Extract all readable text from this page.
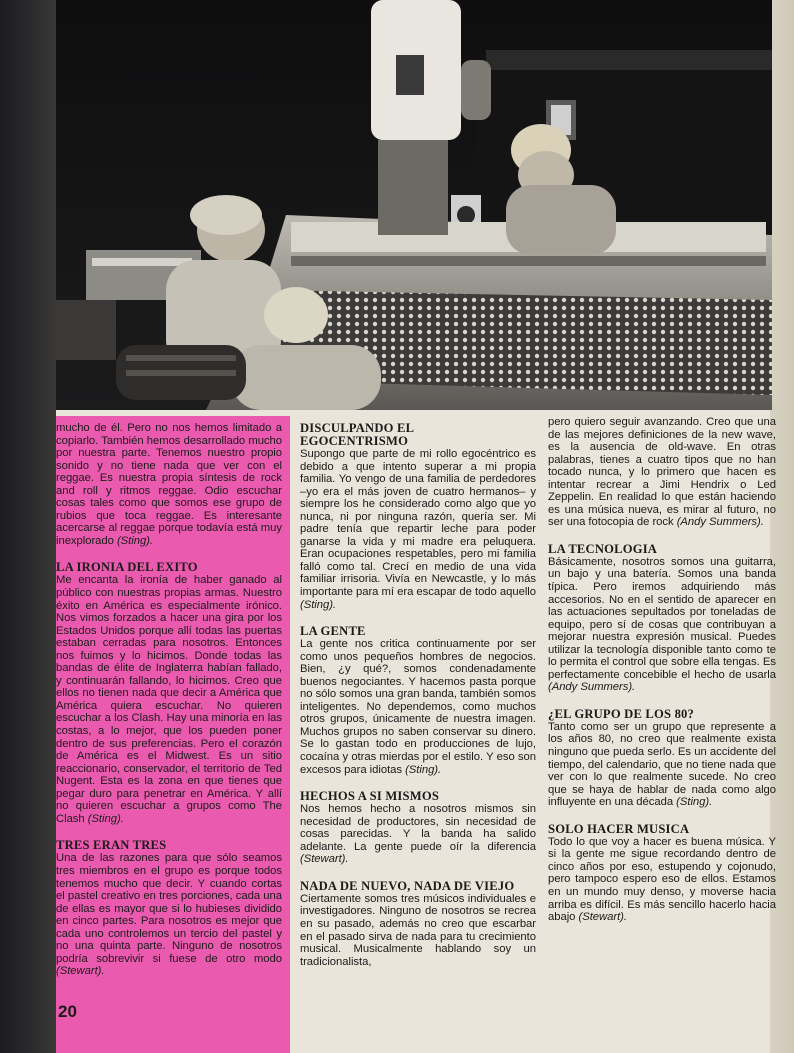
mucho de él. Pero no nos hemos limitado a copiarlo. También hemos desarrollado mucho por nuestra parte. Tenemos nuestro propio sonido y no tiene nada que ver con el reggae. Es nuestra propia síntesis de rock and roll y ritmos reggae. Odio escuchar cosas tales como que somos ese grupo de rubios que toca reggae. Es interesante acercarse al reggae porque todavía está muy inexplorado (Sting).

LA IRONIA DEL EXITO

Me encanta la ironía de haber ganado al público con nuestras propias armas. Nuestro éxito en América es especialmente irónico. Nos vimos forzados a hacer una gira por los Estados Unidos porque allí todas las puertas estaban cerradas para nosotros. Entonces nos fuimos y lo hicimos. Donde todas las bandas de élite de Inglaterra habían fallado, y continuarán fallando, lo hicimos. Creo que ellos no tienen nada que decir a América que América quiera escuchar. No quieren escuchar a los Clash. Hay una minoría en las costas, a lo mejor, que los pueden poner dentro de sus preferencias. Pero el corazón de América es el Midwest. Es un sitio reaccionario, conservador, el territorio de Ted Nugent. Esta es la zona en que tienes que pegar duro para penetrar en América. Y allí no quieren escuchar a grupos como The Clash (Sting).

TRES ERAN TRES

Una de las razones para que sólo seamos tres miembros en el grupo es porque todos tenemos mucho que decir. Y cuando cortas el pastel creativo en tres porciones, cada una de ellas es mayor que si lo hubieses dividido en cinco partes. Para nosotros es mejor que cada uno controlemos un tercio del pastel y no una quinta parte. Ninguno de nosotros podría sobrevivir si fuese de otro modo (Stewart).

DISCULPANDO EL
EGOCENTRISMO

Supongo que parte de mi rollo egocéntrico es debido a que intento superar a mi propia familia. Yo vengo de una familia de perdedores –yo era el más joven de cuatro hermanos– y siempre los he considerado como algo que yo nunca, ni por ninguna razón, quería ser. Mi padre tenía que repartir leche para poder ganarse la vida y mi madre era peluquera. Eran ocupaciones respetables, pero mi familia falló como tal. Crecí en medio de una vida familiar irrisoria. Vivía en Newcastle, y lo más importante para mí era escapar de todo aquello (Sting).

LA GENTE

La gente nos critica continuamente por ser como unos pequeños hombres de negocios. Bien, ¿y qué?, somos condenadamente buenos negociantes. Y hacemos pasta porque no sólo somos una gran banda, también somos inteligentes. No dependemos, como muchos otros grupos, únicamente de nuestra imagen. Muchos grupos no saben conservar su dinero. Se lo gastan todo en producciones de lujo, cocaína y otras mierdas por el estilo. Y eso son excesos para idiotas (Sting).

HECHOS A SI MISMOS

Nos hemos hecho a nosotros mismos sin necesidad de productores, sin necesidad de cosas parecidas. Y la banda ha salido adelante. La gente puede oír la diferencia (Stewart).

NADA DE NUEVO, NADA DE VIEJO

Ciertamente somos tres músicos individuales e investigadores. Ninguno de nosotros se recrea en su pasado, además no creo que escarbar en el pasado sirva de nada para tu crecimiento musical. Musicalmente hablando soy un tradicionalista,

pero quiero seguir avanzando. Creo que una de las mejores definiciones de la new wave, es la ausencia de old-wave. En otras palabras, tienes a cuatro tipos que no han tocado nunca, y lo primero que hacen es intentar recrear a Jimi Hendrix o Led Zeppelin. En realidad lo que están haciendo es una música nueva, es mirar al futuro, no ser una fotocopia de rock (Andy Summers).

LA TECNOLOGIA

Básicamente, nosotros somos una guitarra, un bajo y una batería. Somos una banda típica. Pero iremos adquiriendo más accesorios. No en el sentido de aparecer en las actuaciones sepultados por toneladas de equipo, pero sí de cosas que contribuyan a mejorar nuestra expresión musical. Puedes utilizar la tecnología disponible tanto como te lo permita el control que sobre ella tengas. Es perfectamente concebible el hecho de usarla (Andy Summers).

¿EL GRUPO DE LOS 80?

Tanto como ser un grupo que represente a los años 80, no creo que realmente exista ninguno que pueda serlo. Es un accidente del tiempo, del calendario, que no tiene nada que ver con lo que realmente sucede. No creo que se haya de hablar de nada como algo influyente en una década (Sting).

SOLO HACER MUSICA

Todo lo que voy a hacer es buena música. Y si la gente me sigue recordando dentro de cinco años por eso, estupendo y cojonudo, pero tampoco espero eso de ellos. Estamos en un mundo muy denso, y moverse hacia arriba es difícil. Es más sencillo hacerlo hacia abajo (Stewart).

20
